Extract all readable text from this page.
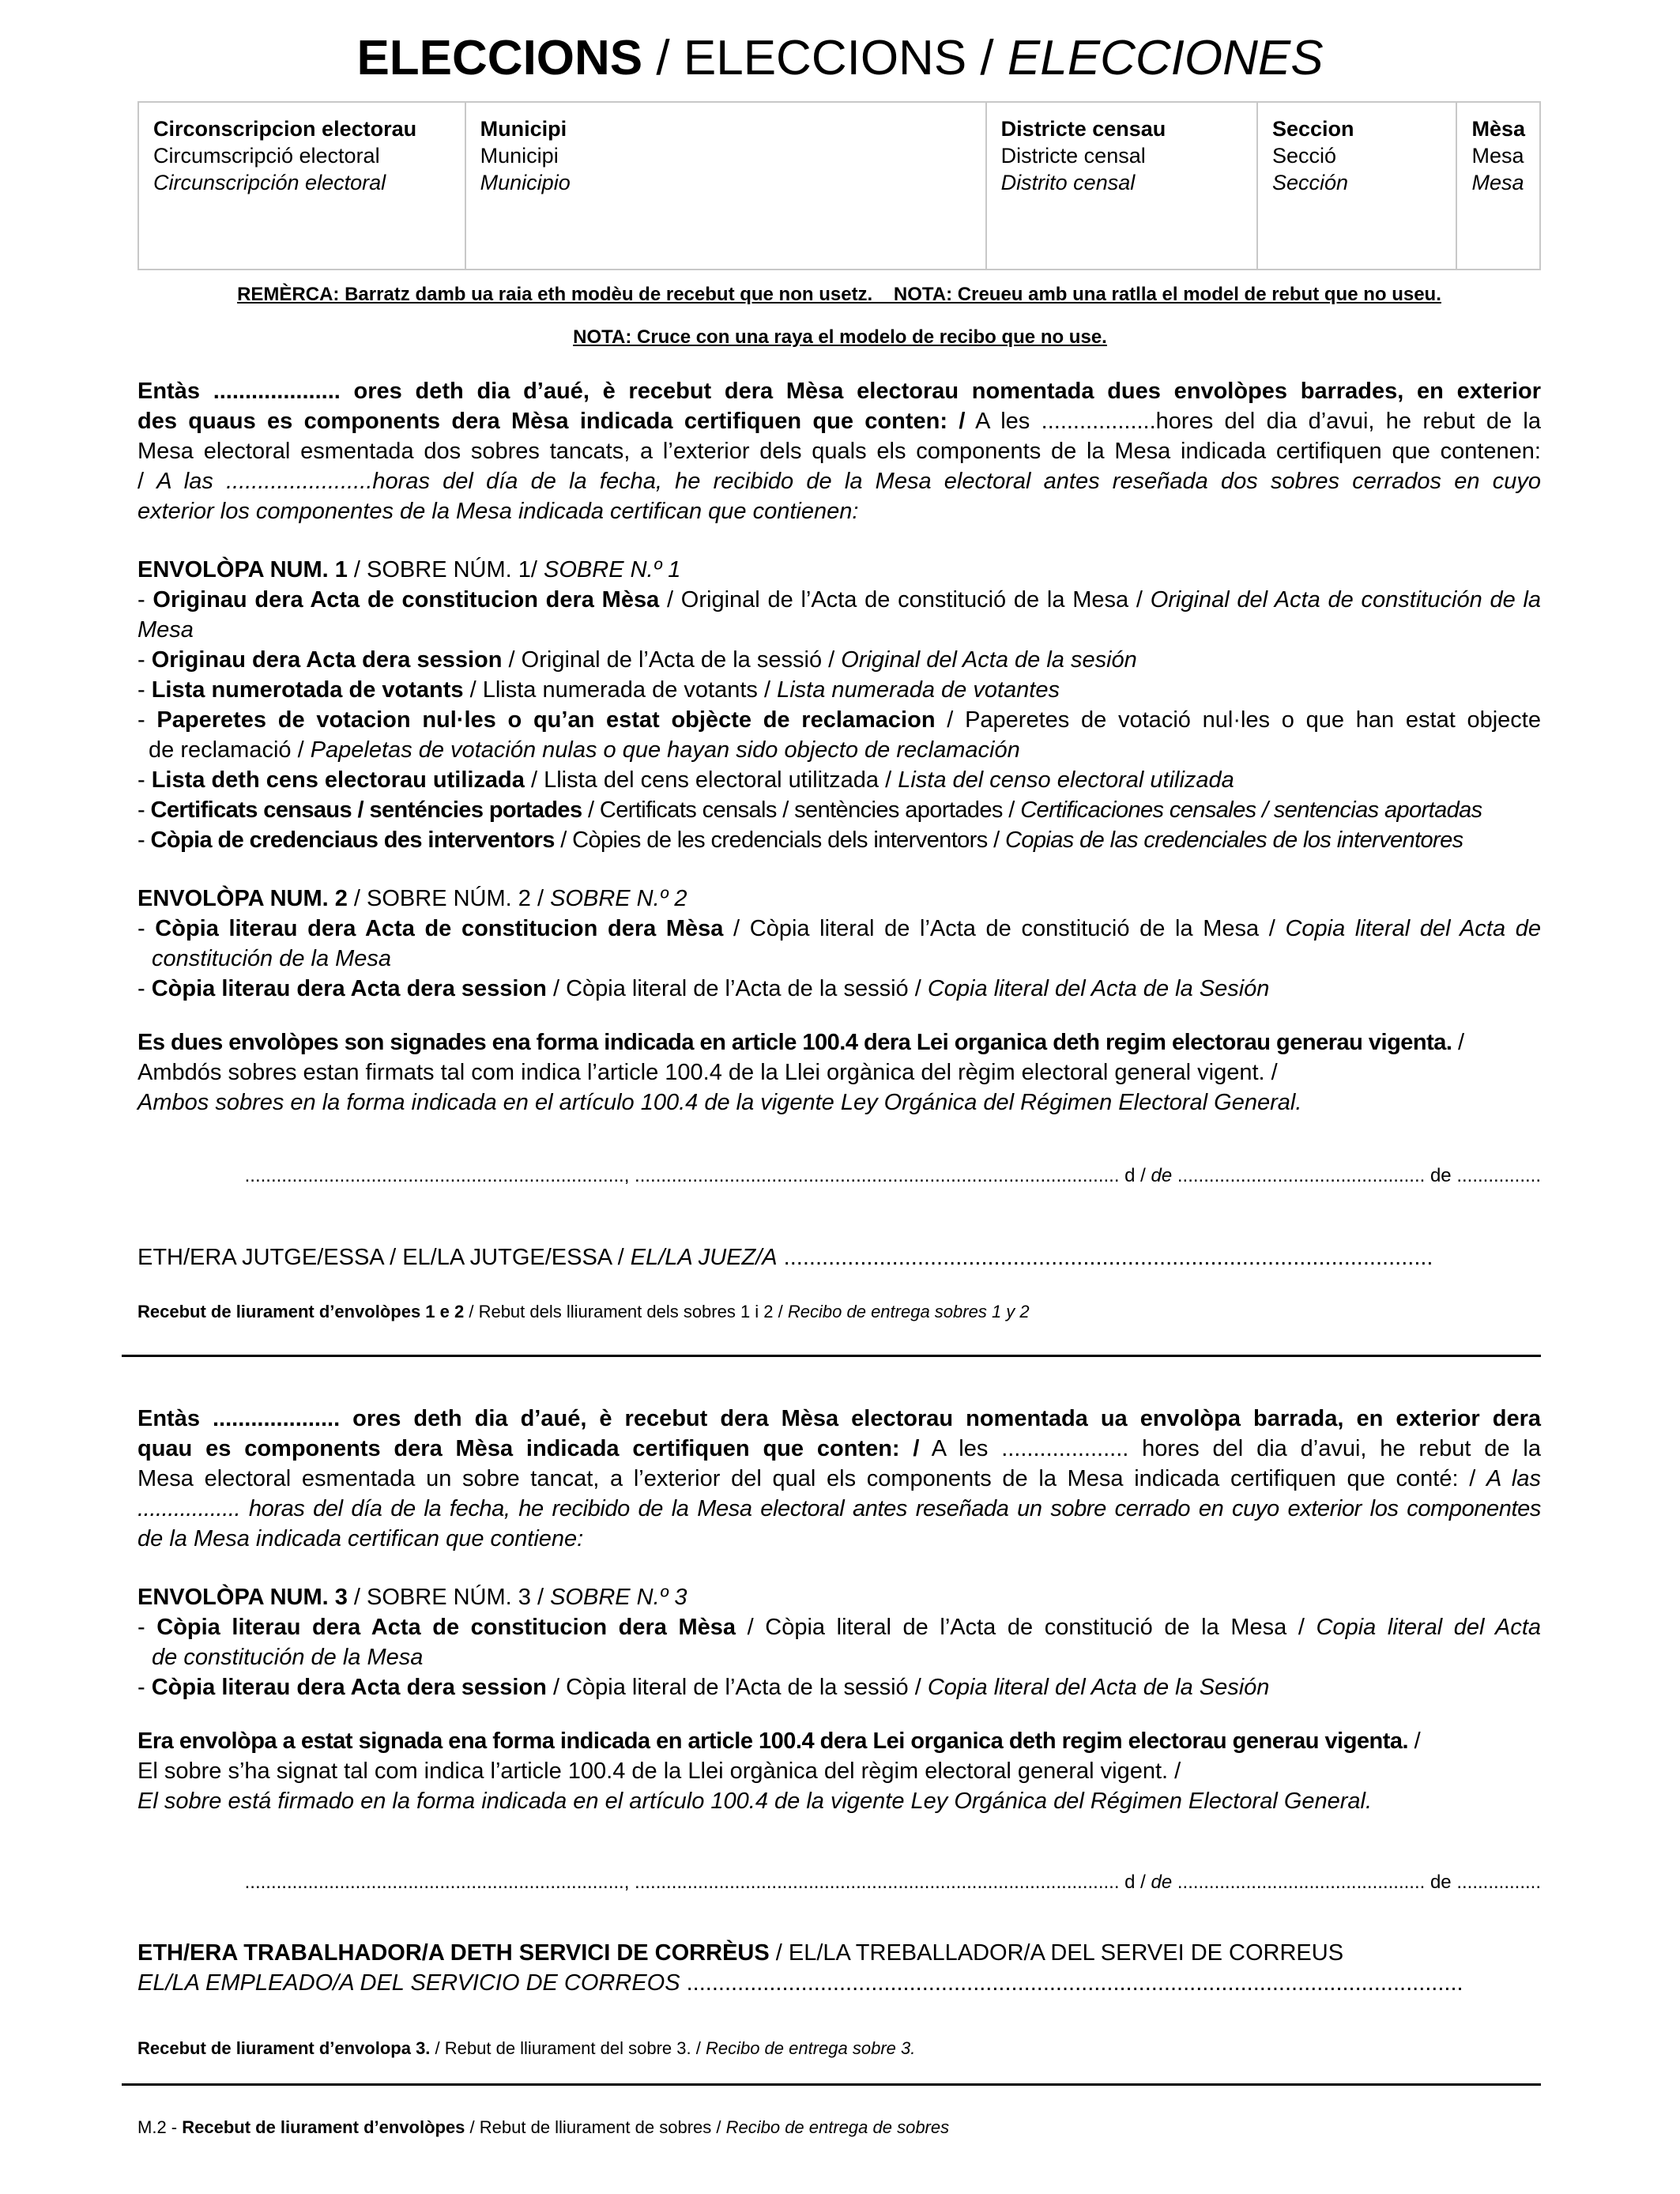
ELECCIONS / ELECCIONS / ELECCIONES
Circonscripcion electorau
Circumscripció electoral
Circunscripción electoral

Municipi
Municipi
Municipio

Districte censau
Districte censal
Distrito censal

Seccion
Secció
Sección

Mèsa
Mesa
Mesa
REMÈRCA: Barratz damb ua raia eth modèu de recebut que non usetz.    NOTA: Creueu amb una ratlla el model de rebut que no useu.
NOTA: Cruce con una raya el modelo de recibo que no use.
Entàs .................... ores deth dia d’aué, è recebut dera Mèsa electorau nomentada dues envolòpes barrades, en exterior
des quaus es components dera Mèsa indicada certifiquen que conten: / A les ..................hores del dia d’avui, he rebut de la
Mesa electoral esmentada dos sobres tancats, a l’exterior dels quals els components de la Mesa indicada certifiquen que contenen:
/ A las .......................horas del día de la fecha, he recibido de la Mesa electoral antes reseñada dos sobres cerrados en cuyo
exterior los componentes de la Mesa indicada certifican que contienen:
ENVOLÒPA NUM. 1 / SOBRE NÚM. 1/ SOBRE N.º 1
- Originau dera Acta de constitucion dera Mèsa / Original de l’Acta de constitució de la Mesa / Original del Acta de constitución de la
Mesa
- Originau dera Acta dera session / Original de l’Acta de la sessió / Original del Acta de la sesión
- Lista numerotada de votants / Llista numerada de votants / Lista numerada de votantes
- Paperetes de votacion nul·les o qu’an estat objècte de reclamacion / Paperetes de votació nul·les o que han estat objecte
de reclamació / Papeletas de votación nulas o que hayan sido objecto de reclamación
- Lista deth cens electorau utilizada / Llista del cens electoral utilitzada / Lista del censo electoral utilizada
- Certificats censaus / senténcies portades / Certificats censals / sentències aportades / Certificaciones censales / sentencias aportadas
- Còpia de credenciaus des interventors / Còpies de les credencials dels interventors / Copias de las credenciales de los interventores
ENVOLÒPA NUM. 2 / SOBRE NÚM. 2 / SOBRE N.º 2
- Còpia literau dera Acta de constitucion dera Mèsa / Còpia literal de l’Acta de constitució de la Mesa / Copia literal del Acta de
constitución de la Mesa
- Còpia literau dera Acta dera session / Còpia literal de l’Acta de la sessió / Copia literal del Acta de la Sesión
Es dues envolòpes son signades ena forma indicada en article 100.4 dera Lei organica deth regim electorau generau vigenta. /
Ambdós sobres estan firmats tal com indica l’article 100.4 de la Llei orgànica del règim electoral general vigent. /
Ambos sobres en la forma indicada en el artículo 100.4 de la vigente Ley Orgánica del Régimen Electoral General.
........................................................................, ............................................................................................ d / de ............................................... de ................
ETH/ERA JUTGE/ESSA / EL/LA JUTGE/ESSA / EL/LA JUEZ/A ......................................................................................................
Recebut de liurament d’envolòpes 1 e 2 / Rebut dels lliurament dels sobres 1 i 2 / Recibo de entrega sobres 1 y 2
Entàs .................... ores deth dia d’aué, è recebut dera Mèsa electorau nomentada ua envolòpa barrada, en exterior dera
quau es components dera Mèsa indicada certifiquen que conten: / A les .................... hores del dia d’avui, he rebut de la
Mesa electoral esmentada un sobre tancat, a l’exterior del qual els components de la Mesa indicada certifiquen que conté: / A las
................. horas del día de la fecha, he recibido de la Mesa electoral antes reseñada un sobre cerrado en cuyo exterior los componentes
de la Mesa indicada certifican que contiene:
ENVOLÒPA NUM. 3 / SOBRE NÚM. 3 / SOBRE N.º 3
- Còpia literau dera Acta de constitucion dera Mèsa / Còpia literal de l’Acta de constitució de la Mesa / Copia literal del Acta
de constitución de la Mesa
- Còpia literau dera Acta dera session / Còpia literal de l’Acta de la sessió / Copia literal del Acta de la Sesión
Era envolòpa a estat signada ena forma indicada en article 100.4 dera Lei organica deth regim electorau generau vigenta. /
El sobre s’ha signat tal com indica l’article 100.4 de la Llei orgànica del règim electoral general vigent. /
El sobre está firmado en la forma indicada en el artículo 100.4 de la vigente Ley Orgánica del Régimen Electoral General.
........................................................................, ............................................................................................ d / de ............................................... de ................
ETH/ERA TRABALHADOR/A DETH SERVICI DE CORRÈUS / EL/LA TREBALLADOR/A DEL SERVEI DE CORREUS
EL/LA EMPLEADO/A DEL SERVICIO DE CORREOS ..........................................................................................................................
Recebut de liurament d’envolopa 3. / Rebut de lliurament del sobre 3. / Recibo de entrega sobre 3.
M.2 - Recebut de liurament d’envolòpes / Rebut de lliurament de sobres / Recibo de entrega de sobres
